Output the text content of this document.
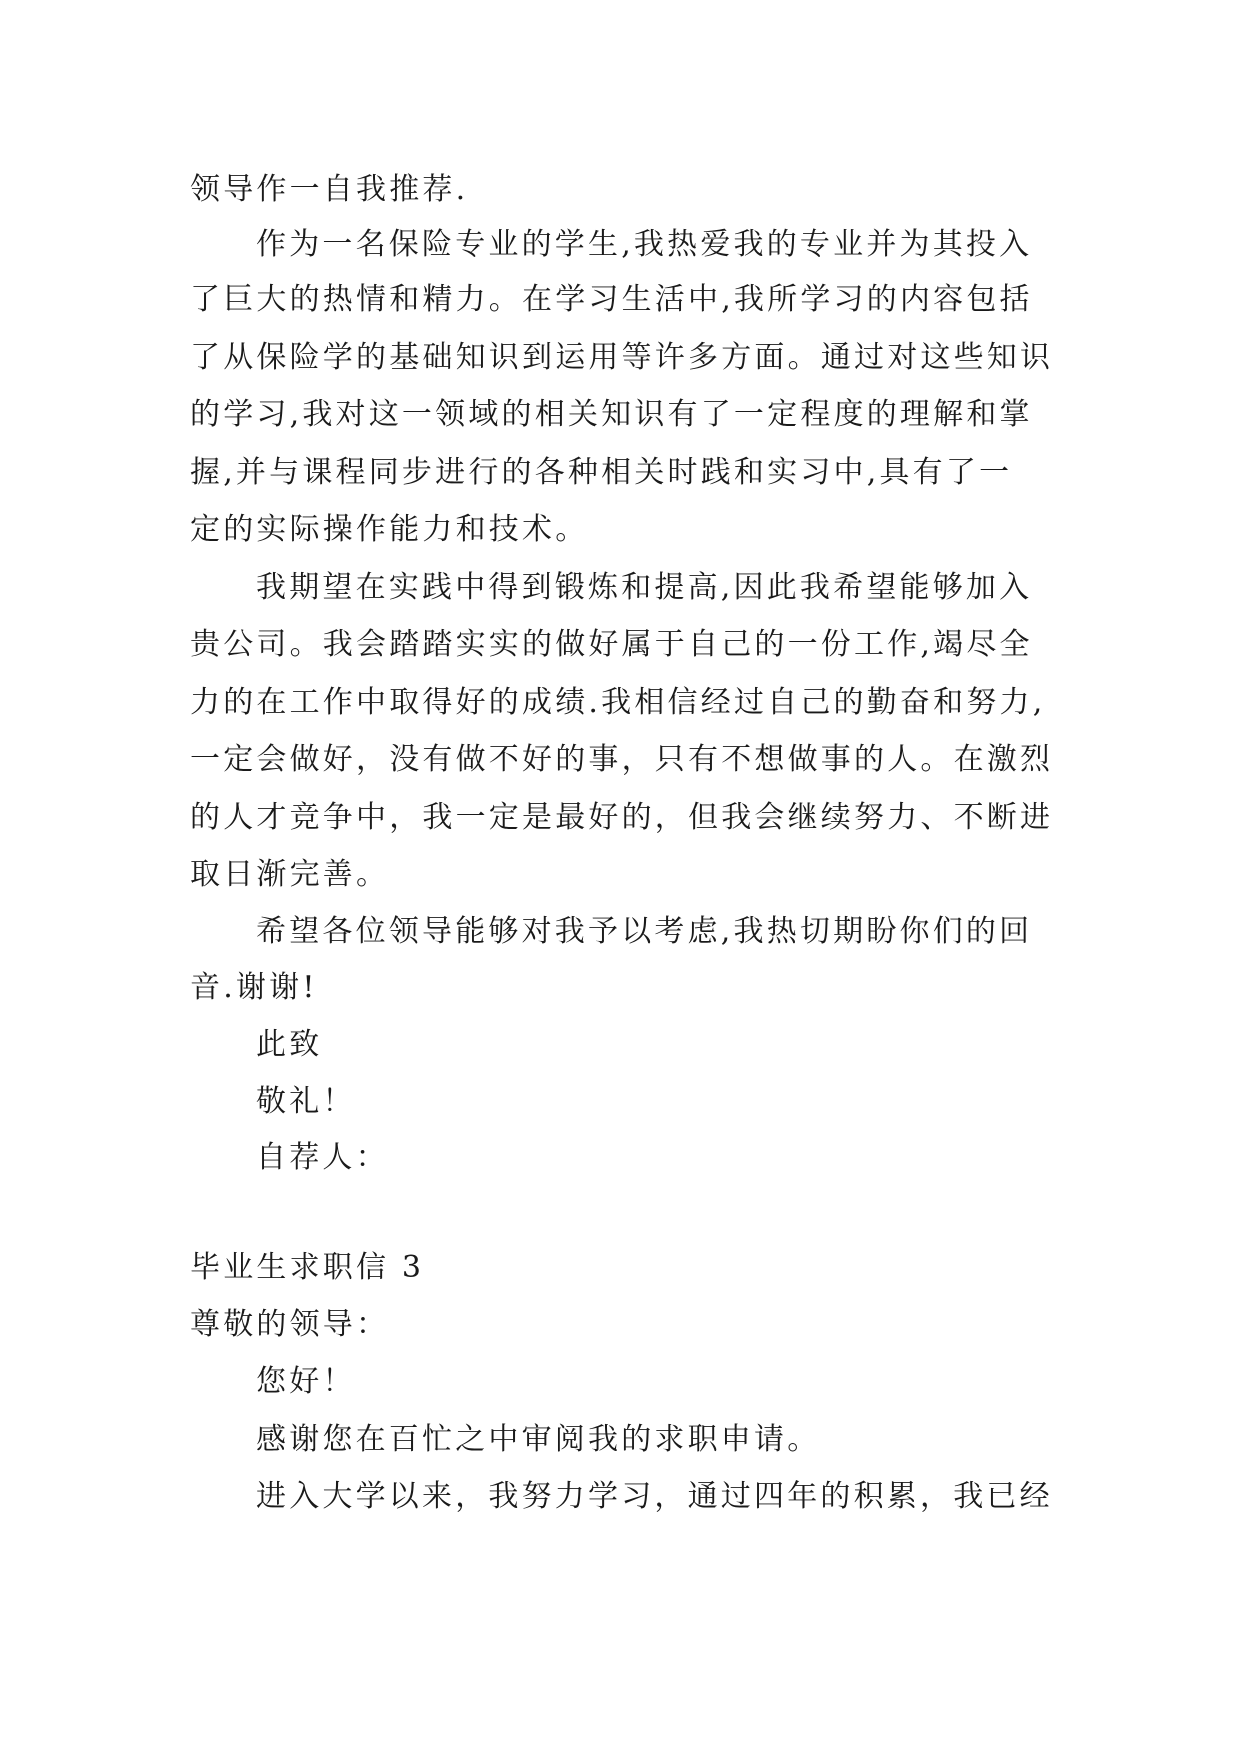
领导作一自我推荐.
作为一名保险专业的学生,我热爱我的专业并为其投入
了巨大的热情和精力。在学习生活中,我所学习的内容包括
了从保险学的基础知识到运用等许多方面。通过对这些知识
的学习,我对这一领域的相关知识有了一定程度的理解和掌
握,并与课程同步进行的各种相关时践和实习中,具有了一
定的实际操作能力和技术。
我期望在实践中得到锻炼和提高,因此我希望能够加入
贵公司。我会踏踏实实的做好属于自己的一份工作,竭尽全
力的在工作中取得好的成绩.我相信经过自己的勤奋和努力,
一定会做好，没有做不好的事，只有不想做事的人。在激烈
的人才竞争中，我一定是最好的，但我会继续努力、不断进
取日渐完善。
希望各位领导能够对我予以考虑,我热切期盼你们的回
音.谢谢!
此致
敬礼！
自荐人：
毕业生求职信 3
尊敬的领导：
您好！
感谢您在百忙之中审阅我的求职申请。
进入大学以来，我努力学习，通过四年的积累，我已经
